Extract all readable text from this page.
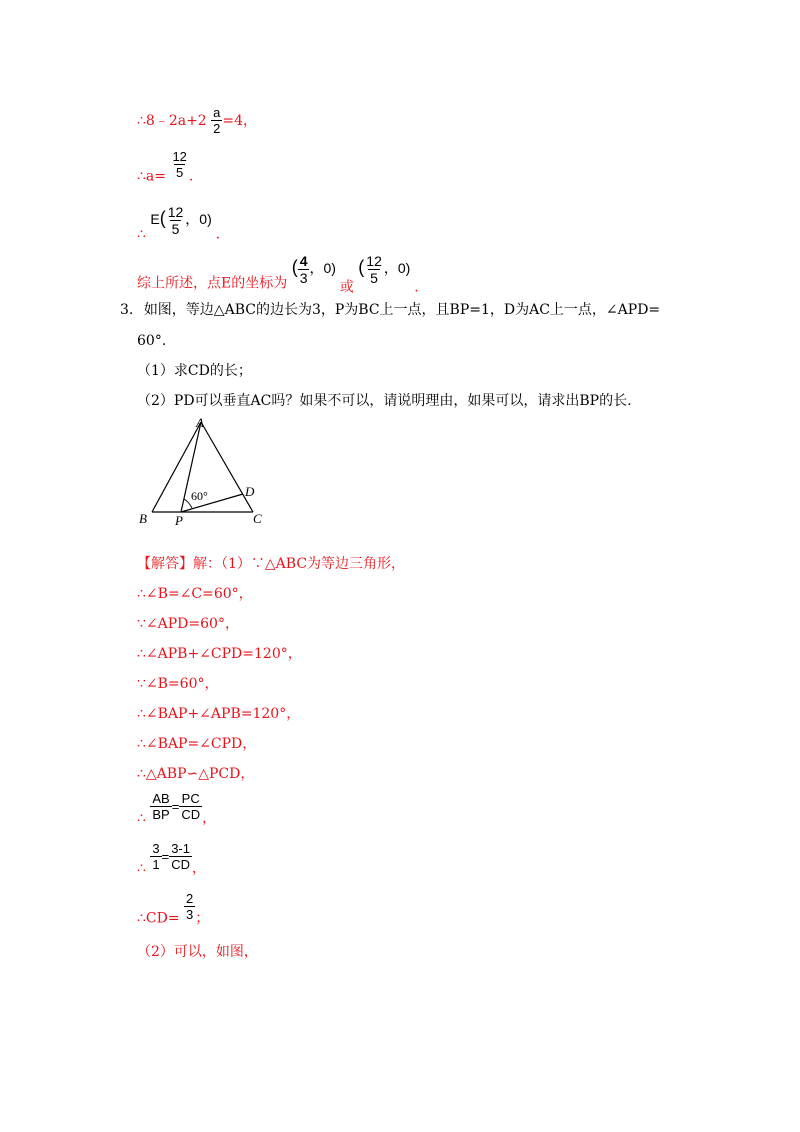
∴8﹣2a+2 $\frac{a}{2} =4$，
∴a= $\frac{12}{5}$ .
∴ $E( \frac{12}{5}$ ，0) .
综上所述，点E的坐标为 ( $\frac{4}{3}$ ，0) 或 ( $\frac{12}{5}$ ，0) .
3. 如图，等边△ABC的边长为3，P为BC上一点，且BP=1，D为AC上一点，∠APD=
60°.
（1）求CD的长；
（2）PD可以垂直AC吗？如果不可以，请说明理由，如果可以，请求出BP的长.
A
B	C
D
P
60°
【解答】解：（1）∵△ABC为等边三角形，
∴∠B=∠C=60°，
∵∠APD=60°，
∴∠APB+∠CPD=120°，
∵∠B=60°，
∴∠BAP+∠APB=120°，
∴∠BAP=∠CPD，
∴△ABP∽△PCD，
∴ $\frac{AB}{BP} = \frac{PC}{CD}$ ，
∴ $\frac{3}{1} = \frac{3-1}{CD}$ ，
∴CD= $\frac{2}{3}$ ；
（2）可以，如图，
